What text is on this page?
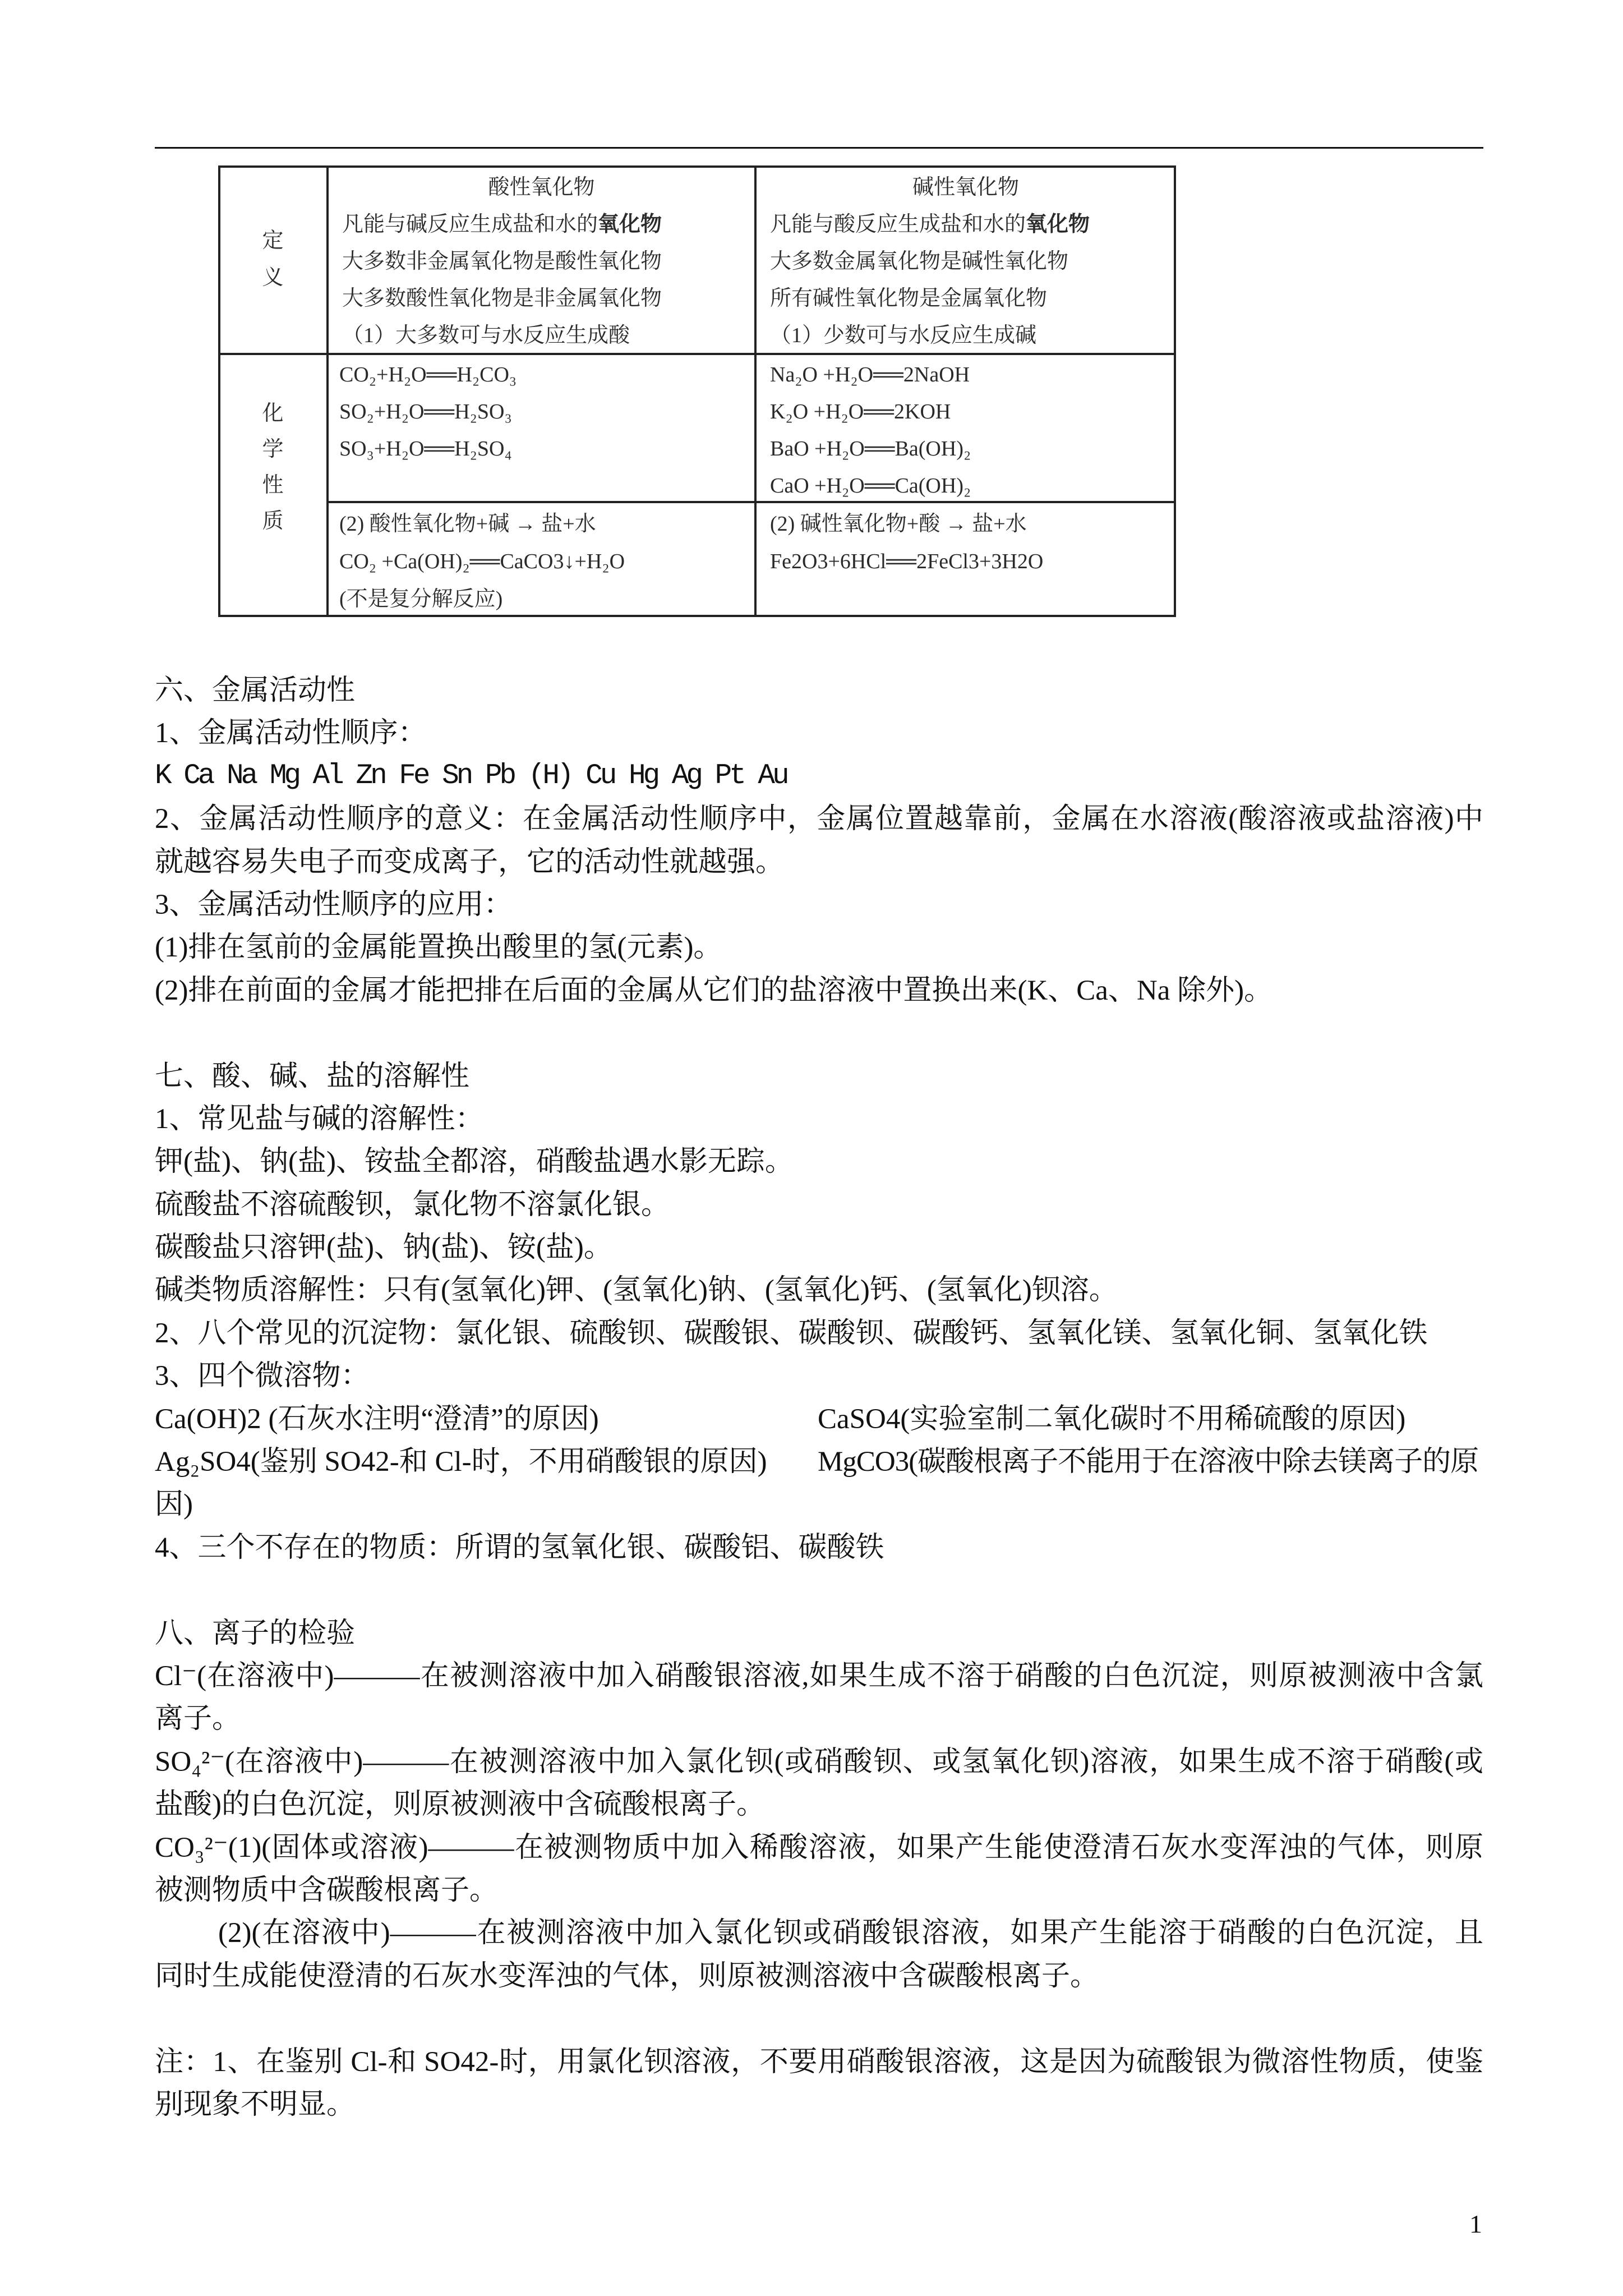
定
义
化
学
性
质
酸性氧化物
凡能与碱反应生成盐和水的氧化物
大多数非金属氧化物是酸性氧化物
大多数酸性氧化物是非金属氧化物
（1）大多数可与水反应生成酸
碱性氧化物
凡能与酸反应生成盐和水的氧化物
大多数金属氧化物是碱性氧化物
所有碱性氧化物是金属氧化物
（1）少数可与水反应生成碱
CO₂+H₂O══H₂CO₃
SO₂+H₂O══H₂SO₃
SO₃+H₂O══H₂SO₄
Na₂O +H₂O══2NaOH
K₂O +H₂O══2KOH
BaO +H₂O══Ba(OH)₂
CaO +H₂O══Ca(OH)₂
(2) 酸性氧化物+碱 → 盐+水
CO₂ +Ca(OH)₂══CaCO3↓+H₂O
(不是复分解反应)
(2) 碱性氧化物+酸 → 盐+水
Fe2O3+6HCl══2FeCl3+3H2O
六、金属活动性
1、金属活动性顺序：
K Ca Na Mg Al Zn Fe Sn Pb (H) Cu Hg Ag Pt Au
2、金属活动性顺序的意义：在金属活动性顺序中，金属位置越靠前，金属在水溶液(酸溶液或盐溶液)中
就越容易失电子而变成离子，它的活动性就越强。
3、金属活动性顺序的应用：
(1)排在氢前的金属能置换出酸里的氢(元素)。
(2)排在前面的金属才能把排在后面的金属从它们的盐溶液中置换出来(K、Ca、Na 除外)。
七、酸、碱、盐的溶解性
1、常见盐与碱的溶解性：
钾(盐)、钠(盐)、铵盐全都溶，硝酸盐遇水影无踪。
硫酸盐不溶硫酸钡，氯化物不溶氯化银。
碳酸盐只溶钾(盐)、钠(盐)、铵(盐)。
碱类物质溶解性：只有(氢氧化)钾、(氢氧化)钠、(氢氧化)钙、(氢氧化)钡溶。
2、八个常见的沉淀物：氯化银、硫酸钡、碳酸银、碳酸钡、碳酸钙、氢氧化镁、氢氧化铜、氢氧化铁
3、四个微溶物：
Ca(OH)2 (石灰水注明“澄清”的原因)	CaSO4(实验室制二氧化碳时不用稀硫酸的原因)
Ag₂SO4(鉴别 SO42-和 Cl-时，不用硝酸银的原因) MgCO3(碳酸根离子不能用于在溶液中除去镁离子的原
因)
4、三个不存在的物质：所谓的氢氧化银、碳酸铝、碳酸铁
八、离子的检验
Cl⁻(在溶液中)———在被测溶液中加入硝酸银溶液,如果生成不溶于硝酸的白色沉淀，则原被测液中含氯
离子。
SO₄²⁻(在溶液中)———在被测溶液中加入氯化钡(或硝酸钡、或氢氧化钡)溶液，如果生成不溶于硝酸(或
盐酸)的白色沉淀，则原被测液中含硫酸根离子。
CO₃²⁻(1)(固体或溶液)———在被测物质中加入稀酸溶液，如果产生能使澄清石灰水变浑浊的气体，则原
被测物质中含碳酸根离子。
(2)(在溶液中)———在被测溶液中加入氯化钡或硝酸银溶液，如果产生能溶于硝酸的白色沉淀，且
同时生成能使澄清的石灰水变浑浊的气体，则原被测溶液中含碳酸根离子。
注：1、在鉴别 Cl-和 SO42-时，用氯化钡溶液，不要用硝酸银溶液，这是因为硫酸银为微溶性物质，使鉴
别现象不明显。
1
